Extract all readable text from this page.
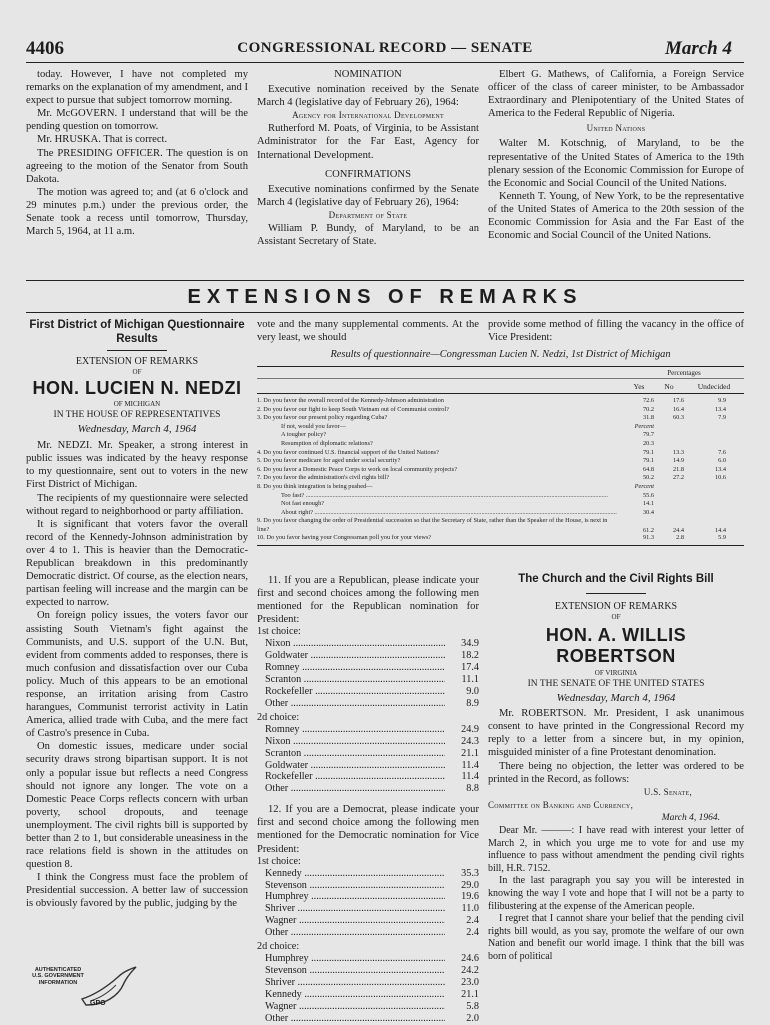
4406	CONGRESSIONAL RECORD — SENATE	March 4

today. However, I have not completed my remarks on the explanation of my amendment, and I expect to pursue that subject tomorrow morning.

Mr. McGOVERN. I understand that will be the pending question on tomorrow.

Mr. HRUSKA. That is correct.

The PRESIDING OFFICER. The question is on agreeing to the motion of the Senator from South Dakota.

The motion was agreed to; and (at 6 o'clock and 29 minutes p.m.) under the previous order, the Senate took a recess until tomorrow, Thursday, March 5, 1964, at 11 a.m.

NOMINATION

Executive nomination received by the Senate March 4 (legislative day of February 26), 1964:

Agency for International Development

Rutherford M. Poats, of Virginia, to be Assistant Administrator for the Far East, Agency for International Development.

CONFIRMATIONS

Executive nominations confirmed by the Senate March 4 (legislative day of February 26), 1964:

Department of State

William P. Bundy, of Maryland, to be an Assistant Secretary of State.

Elbert G. Mathews, of California, a Foreign Service officer of the class of career minister, to be Ambassador Extraordinary and Plenipotentiary of the United States of America to the Federal Republic of Nigeria.

United Nations

Walter M. Kotschnig, of Maryland, to be the representative of the United States of America to the 19th plenary session of the Economic Commission for Europe of the Economic and Social Council of the United Nations.

Kenneth T. Young, of New York, to be the representative of the United States of America to the 20th session of the Economic Commission for Asia and the Far East of the Economic and Social Council of the United Nations.

EXTENSIONS OF REMARKS

First District of Michigan Questionnaire Results

EXTENSION OF REMARKS

OF

HON. LUCIEN N. NEDZI

OF MICHIGAN

IN THE HOUSE OF REPRESENTATIVES

Wednesday, March 4, 1964

Mr. NEDZI. Mr. Speaker, a strong interest in public issues was indicated by the heavy response to my questionnaire, sent out to voters in the new First District of Michigan.

The recipients of my questionnaire were selected without regard to neighborhood or party affiliation.

It is significant that voters favor the overall record of the Kennedy-Johnson administration by over 4 to 1. This is heavier than the Democratic-Republican breakdown in this predominantly Democratic district. Of course, as the election nears, partisan feeling will increase and the margin can be expected to narrow.

On foreign policy issues, the voters favor our assisting South Vietnam's fight against the Communists, and U.S. support of the U.N. But, evident from comments added to responses, there is much confusion and dissatisfaction over our Cuba policy. Much of this appears to be an emotional response, an irritation arising from Castro harangues, Communist terrorist activity in Latin America, allied trade with Cuba, and the mere fact of Castro's presence in Cuba.

On domestic issues, medicare under social security draws strong bipartisan support. It is not only a popular issue but reflects a need Congress should not ignore any longer. The vote on a Domestic Peace Corps reflects concern with urban poverty, school dropouts, and teenage unemployment. The civil rights bill is supported by better than 2 to 1, but considerable uneasiness in the race relations field is shown in the attitudes on question 8.

I think the Congress must face the problem of Presidential succession. A better law of succession is obviously favored by the public, judging by the

vote and the many supplemental comments. At the very least, we should

provide some method of filling the vacancy in the office of Vice President:

Results of questionnaire—Congressman Lucien N. Nedzi, 1st District of Michigan
Percentages
Yes	No	Undecided
1. Do you favor the overall record of the Kennedy-Johnson administration .....	72.6	17.6	9.9
2. Do you favor our fight to keep South Vietnam out of Communist control? .....	70.2	16.4	13.4
3. Do you favor our present policy regarding Cuba? .....	31.8	60.3	7.9
If not, would you favor— .....	Percent
A tougher policy? .....	79.7
Resumption of diplomatic relations? .....	20.3
4. Do you favor continued U.S. financial support of the United Nations? .....	79.1	13.3	7.6
5. Do you favor medicare for aged under social security? .....	79.1	14.9	6.0
6. Do you favor a Domestic Peace Corps to work on local community projects? .....	64.8	21.8	13.4
7. Do you favor the administration's civil rights bill? .....	50.2	27.2	10.6
8. Do you think integration is being pushed— .....	Percent
Too fast? .....	55.6
Not fast enough? .....	14.1
About right? .....	30.4
9. Do you favor changing the order of Presidential succession so that the Secretary of State, rather than the Speaker of the House, is next in line?	61.2	24.4	14.4
10. Do you favor having your Congressman poll you for your views? .....	91.3	2.8	5.9

11. If you are a Republican, please indicate your first and second choices among the following men mentioned for the Republican nomination for President:

1st choice:
Nixon .....	34.9
Goldwater .....	18.2
Romney .....	17.4
Scranton .....	11.1
Rockefeller .....	9.0
Other .....	8.9
2d choice:
Romney .....	24.9
Nixon .....	24.3
Scranton .....	21.1
Goldwater .....	11.4
Rockefeller .....	11.4
Other .....	8.8

12. If you are a Democrat, please indicate your first and second choice among the following men mentioned for the Democratic nomination for Vice President:

1st choice:
Kennedy .....	35.3
Stevenson .....	29.0
Humphrey .....	19.6
Shriver .....	11.0
Wagner .....	2.4
Other .....	2.4
2d choice:
Humphrey .....	24.6
Stevenson .....	24.2
Shriver .....	23.0
Kennedy .....	21.1
Wagner .....	5.8
Other .....	2.0

The Church and the Civil Rights Bill

EXTENSION OF REMARKS

OF

HON. A. WILLIS ROBERTSON

OF VIRGINIA

IN THE SENATE OF THE UNITED STATES

Wednesday, March 4, 1964

Mr. ROBERTSON. Mr. President, I ask unanimous consent to have printed in the Congressional Record my reply to a letter from a sincere but, in my opinion, misguided minister of a fine Protestant denomination.

There being no objection, the letter was ordered to be printed in the Record, as follows:

U.S. Senate,

Committee on Banking and Currency,

March 4, 1964.

Dear Mr. ———: I have read with interest your letter of March 2, in which you urge me to vote for and use my influence to pass without amendment the pending civil rights bill, H.R. 7152.

In the last paragraph you say you will be interested in knowing the way I vote and hope that I will not be a party to filibustering at the expense of the American people.

I regret that I cannot share your belief that the pending civil rights bill would, as you say, promote the welfare of our own Nation and benefit our world image. I think that the bill was born of political

AUTHENTICATED
U.S. GOVERNMENT
INFORMATION
GPO
